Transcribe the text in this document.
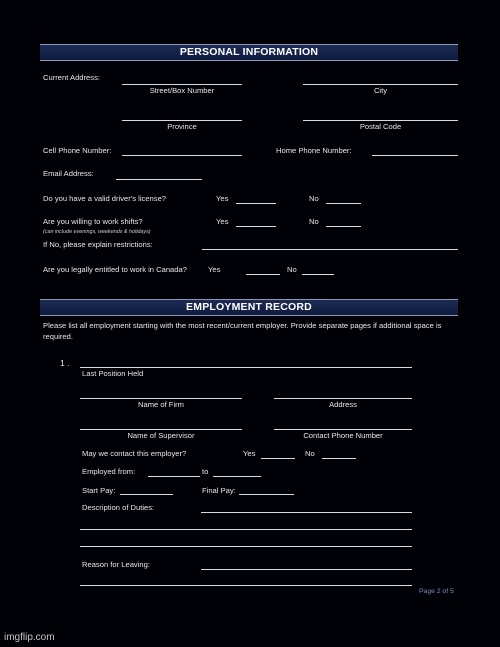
PERSONAL INFORMATION
Current Address:
Street/Box Number	City
Province	Postal Code
Cell Phone Number:	Home Phone Number:
Email Address:
Do you have a valid driver's license?	Yes	No
Are you willing to work shifts?	Yes	No
(can include evenings, weekends & holidays)
If No, please explain restrictions:
Are you legally entitled to work in Canada?	Yes	No
EMPLOYMENT RECORD
Please list all employment starting with the most recent/current employer. Provide separate pages if additional space is required.
1 .
Last Position Held
Name of Firm	Address
Name of Supervisor	Contact Phone Number
May we contact this employer?	Yes	No
Employed from:	to
Start Pay:	Final Pay:
Description of Duties:
Reason for Leaving:
Page 2 of 5
imgflip.com
